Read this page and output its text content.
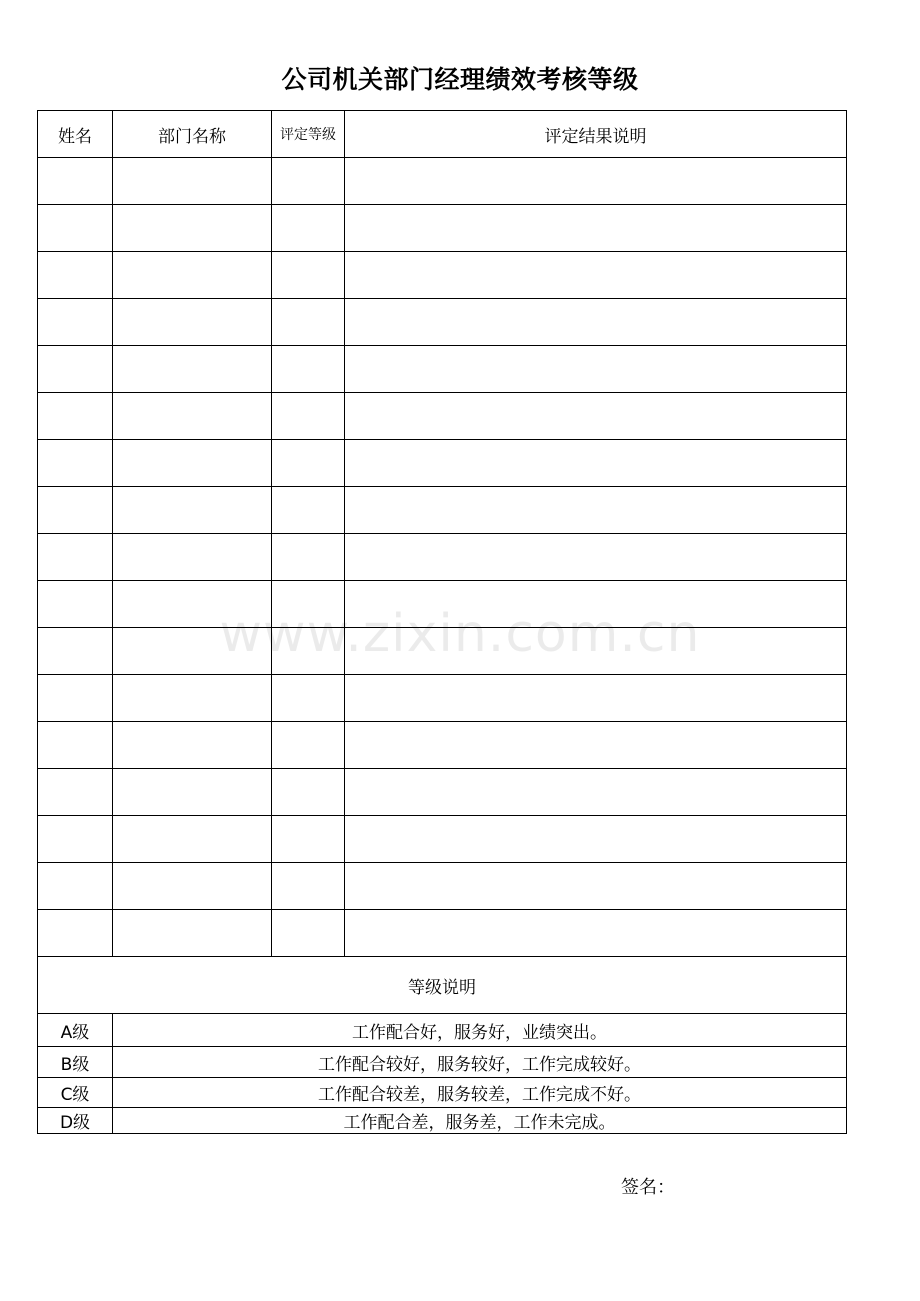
公司机关部门经理绩效考核等级
姓名	部门名称	评定等级	评定结果说明

等级说明			
A级	工作配合好，服务好，业绩突出。		
B级	工作配合较好，服务较好，工作完成较好。		
C级	工作配合较差，服务较差，工作完成不好。		
D级	工作配合差，服务差，工作未完成。		
www.zixin.com.cn
签名：
